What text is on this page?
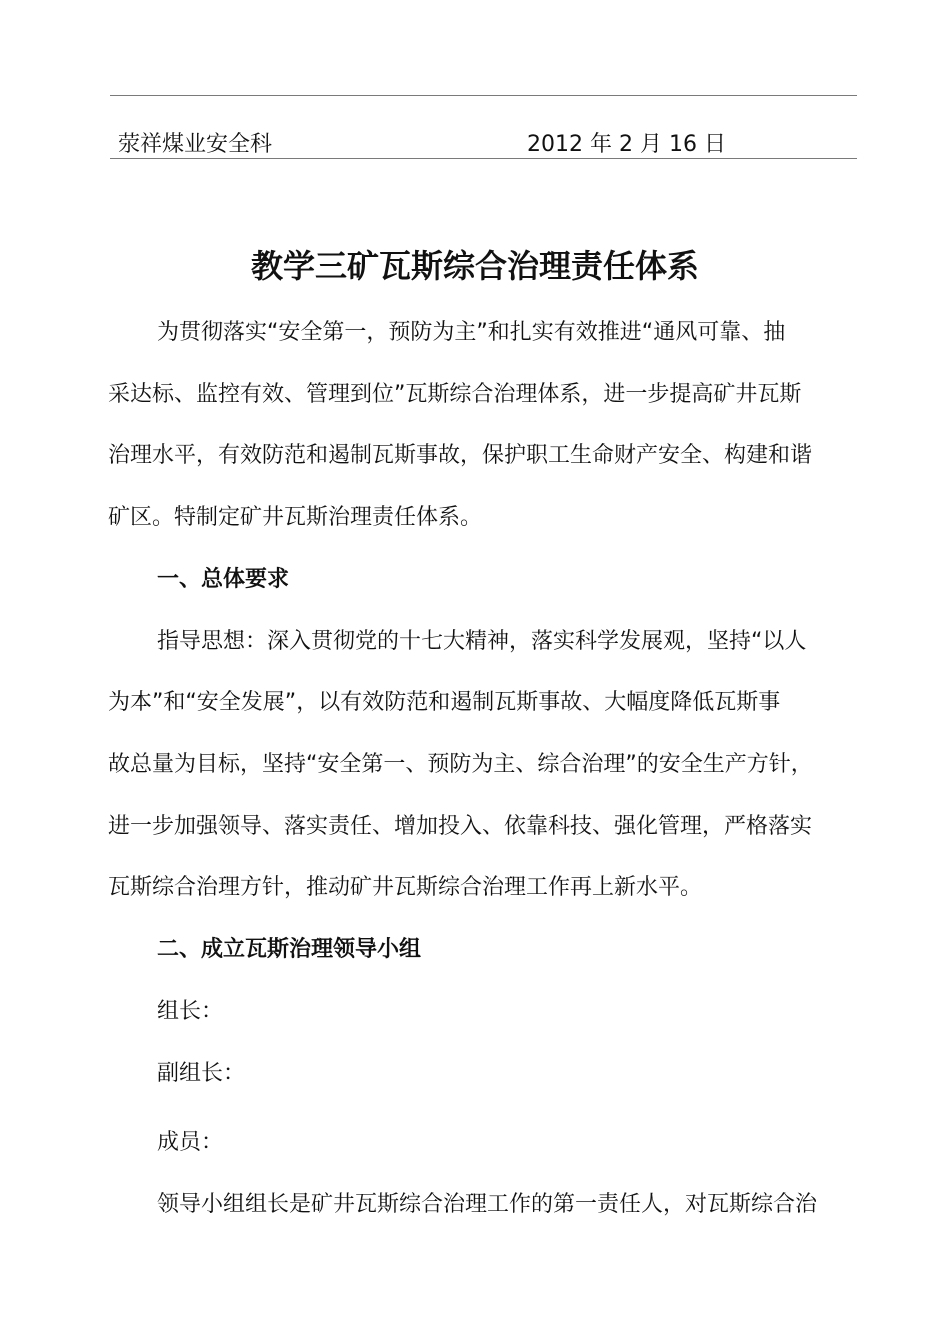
荥祥煤业安全科	2012 年 2 月 16 日
教学三矿瓦斯综合治理责任体系
为贯彻落实“安全第一，预防为主”和扎实有效推进“通风可靠、抽
采达标、监控有效、管理到位”瓦斯综合治理体系，进一步提高矿井瓦斯
治理水平，有效防范和遏制瓦斯事故，保护职工生命财产安全、构建和谐
矿区。特制定矿井瓦斯治理责任体系。
一、总体要求
指导思想：深入贯彻党的十七大精神，落实科学发展观，坚持“以人
为本”和“安全发展”，以有效防范和遏制瓦斯事故、大幅度降低瓦斯事
故总量为目标，坚持“安全第一、预防为主、综合治理”的安全生产方针，
进一步加强领导、落实责任、增加投入、依靠科技、强化管理，严格落实
瓦斯综合治理方针，推动矿井瓦斯综合治理工作再上新水平。
二、成立瓦斯治理领导小组
组长：
副组长：
成员：
领导小组组长是矿井瓦斯综合治理工作的第一责任人，对瓦斯综合治
